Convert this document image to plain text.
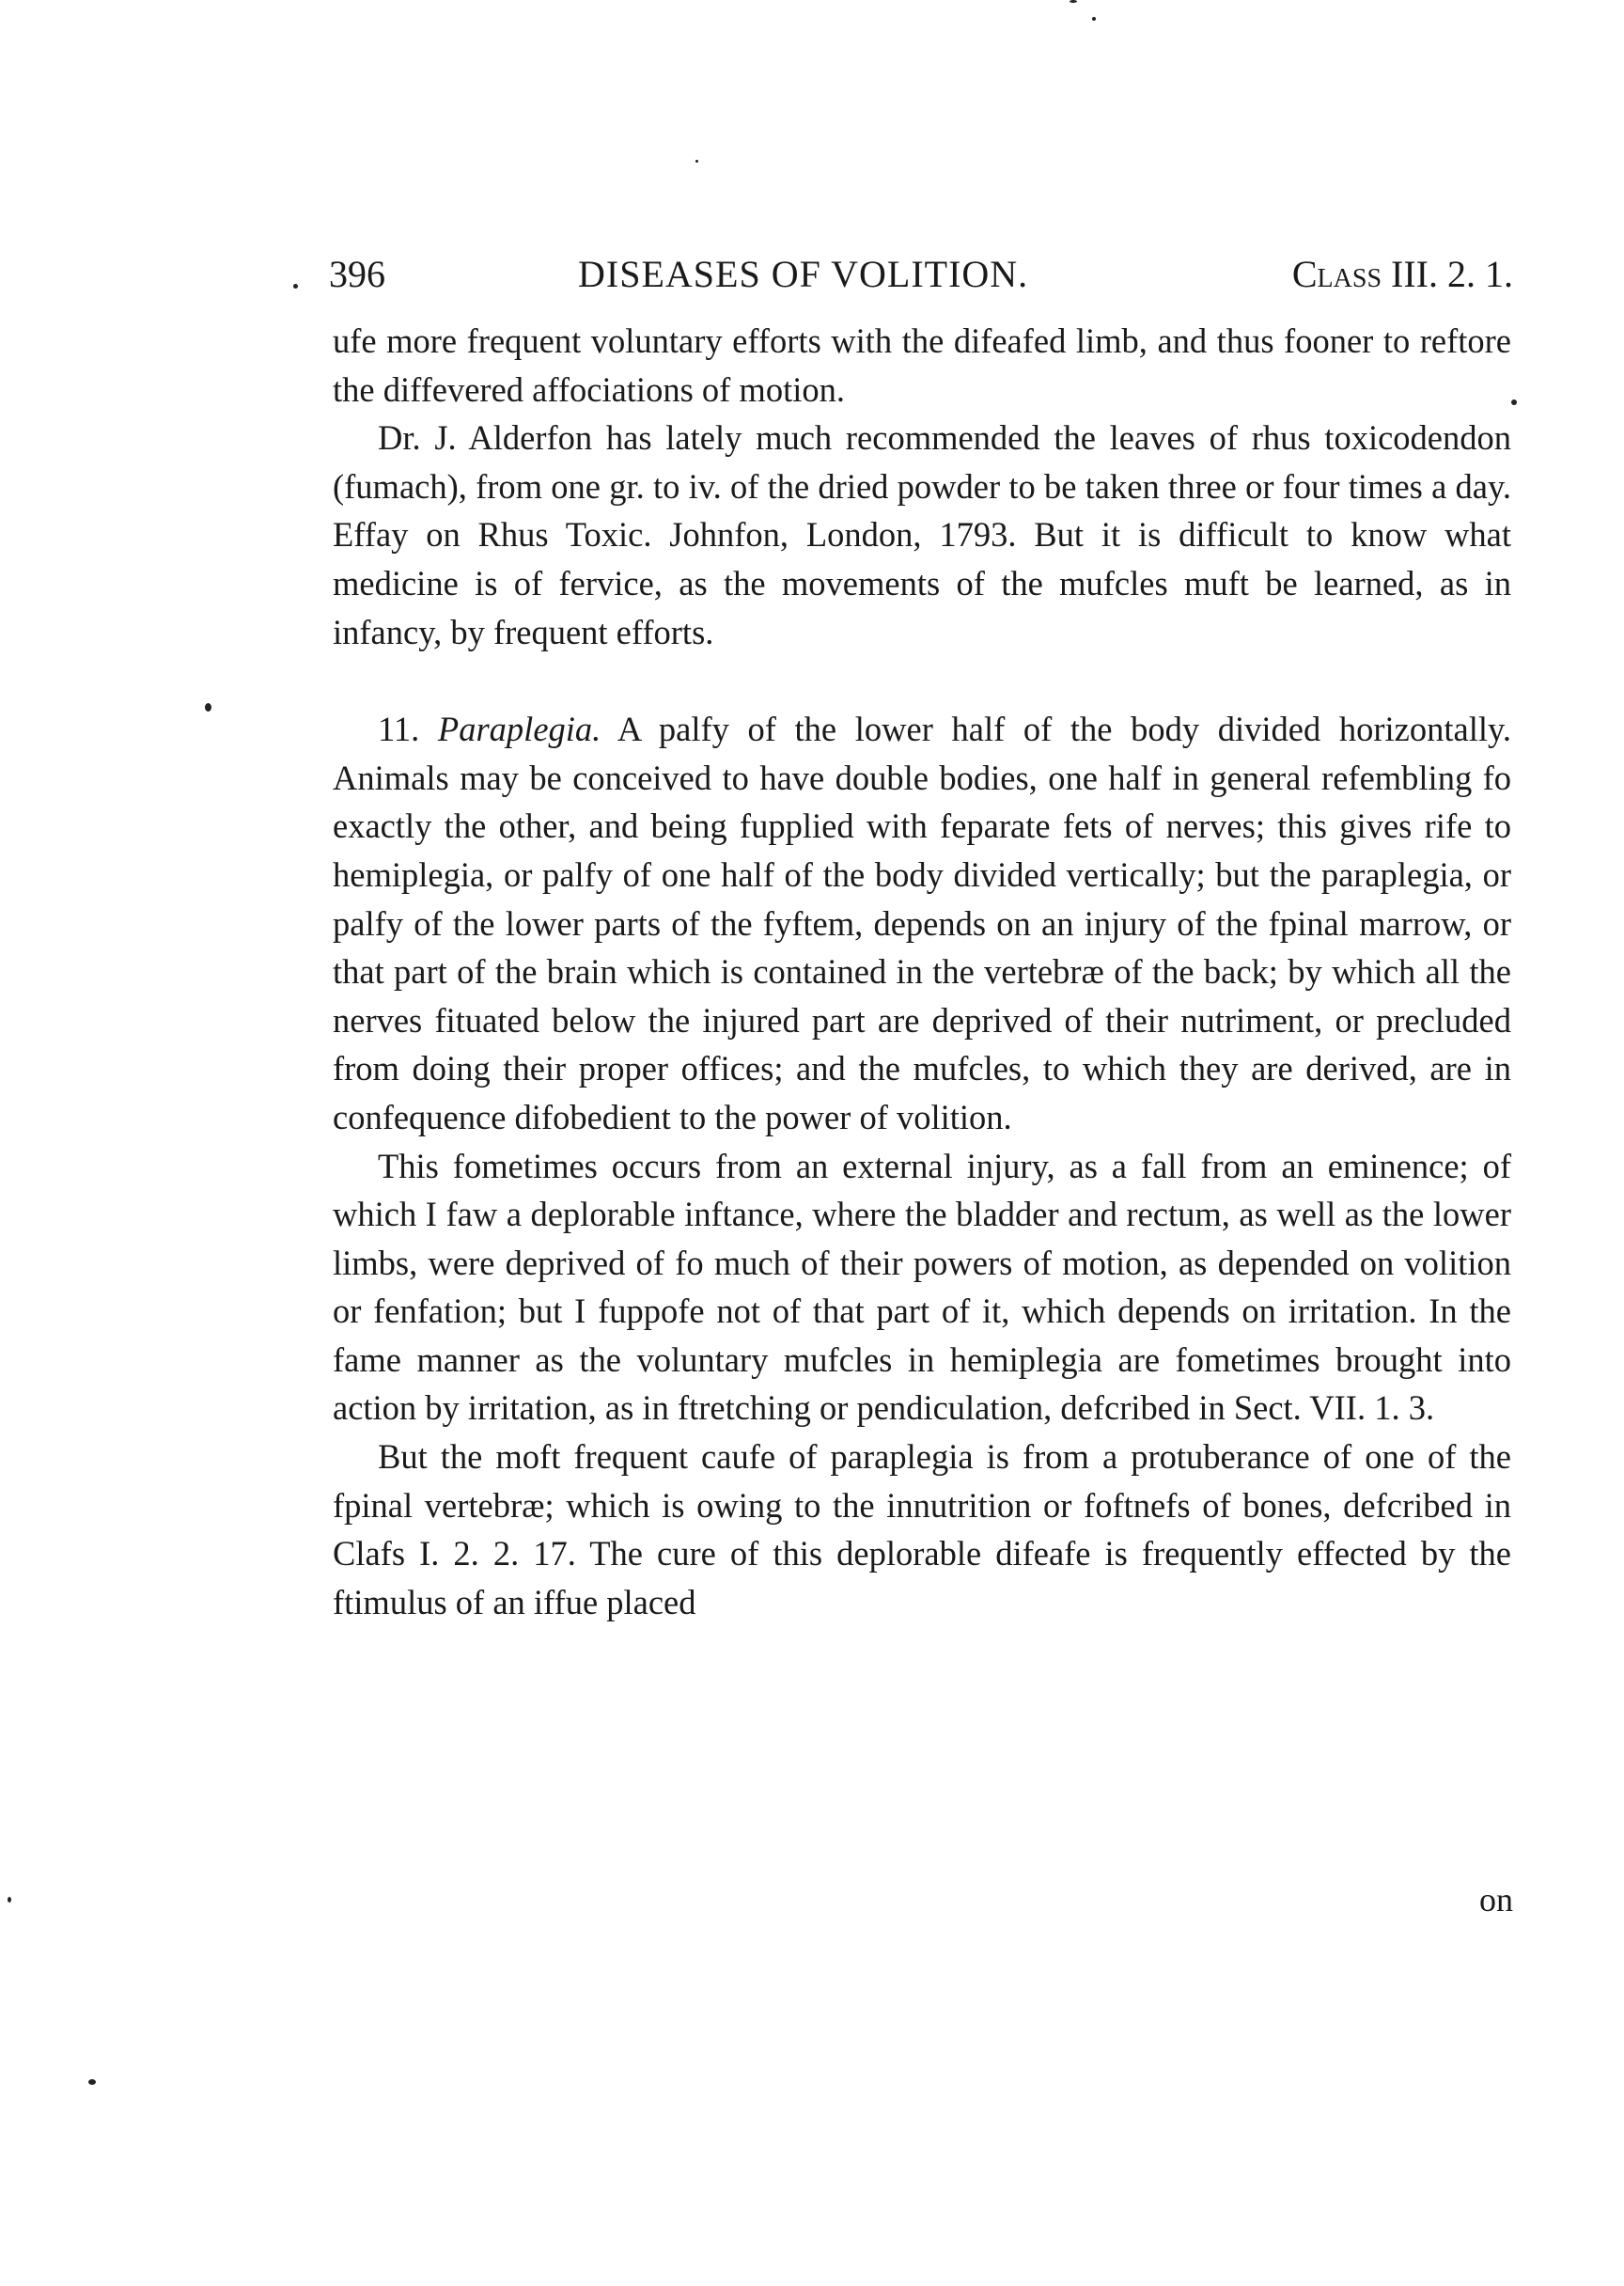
396	DISEASES OF VOLITION.	Class III. 2. 1.

ufe more frequent voluntary efforts with the difeafed limb, and thus fooner to reftore the diffevered affociations of motion.

Dr. J. Alderfon has lately much recommended the leaves of rhus toxicodendon (fumach), from one gr. to iv. of the dried powder to be taken three or four times a day. Effay on Rhus Toxic. Johnfon, London, 1793. But it is difficult to know what medicine is of fervice, as the movements of the mufcles muft be learned, as in infancy, by frequent efforts.

11. Paraplegia. A palfy of the lower half of the body divided horizontally. Animals may be conceived to have double bodies, one half in general refembling fo exactly the other, and being fupplied with feparate fets of nerves; this gives rife to hemiplegia, or palfy of one half of the body divided vertically; but the paraplegia, or palfy of the lower parts of the fyftem, depends on an injury of the fpinal marrow, or that part of the brain which is contained in the vertebræ of the back; by which all the nerves fituated below the injured part are deprived of their nutriment, or precluded from doing their proper offices; and the mufcles, to which they are derived, are in confequence difobedient to the power of volition.

This fometimes occurs from an external injury, as a fall from an eminence; of which I faw a deplorable inftance, where the bladder and rectum, as well as the lower limbs, were deprived of fo much of their powers of motion, as depended on volition or fenfation; but I fuppofe not of that part of it, which depends on irritation. In the fame manner as the voluntary mufcles in hemiplegia are fometimes brought into action by irritation, as in ftretching or pendiculation, defcribed in Sect. VII. 1. 3.

But the moft frequent caufe of paraplegia is from a protuberance of one of the fpinal vertebræ; which is owing to the innutrition or foftnefs of bones, defcribed in Clafs I. 2. 2. 17. The cure of this deplorable difeafe is frequently effected by the ftimulus of an iffue placed

on
